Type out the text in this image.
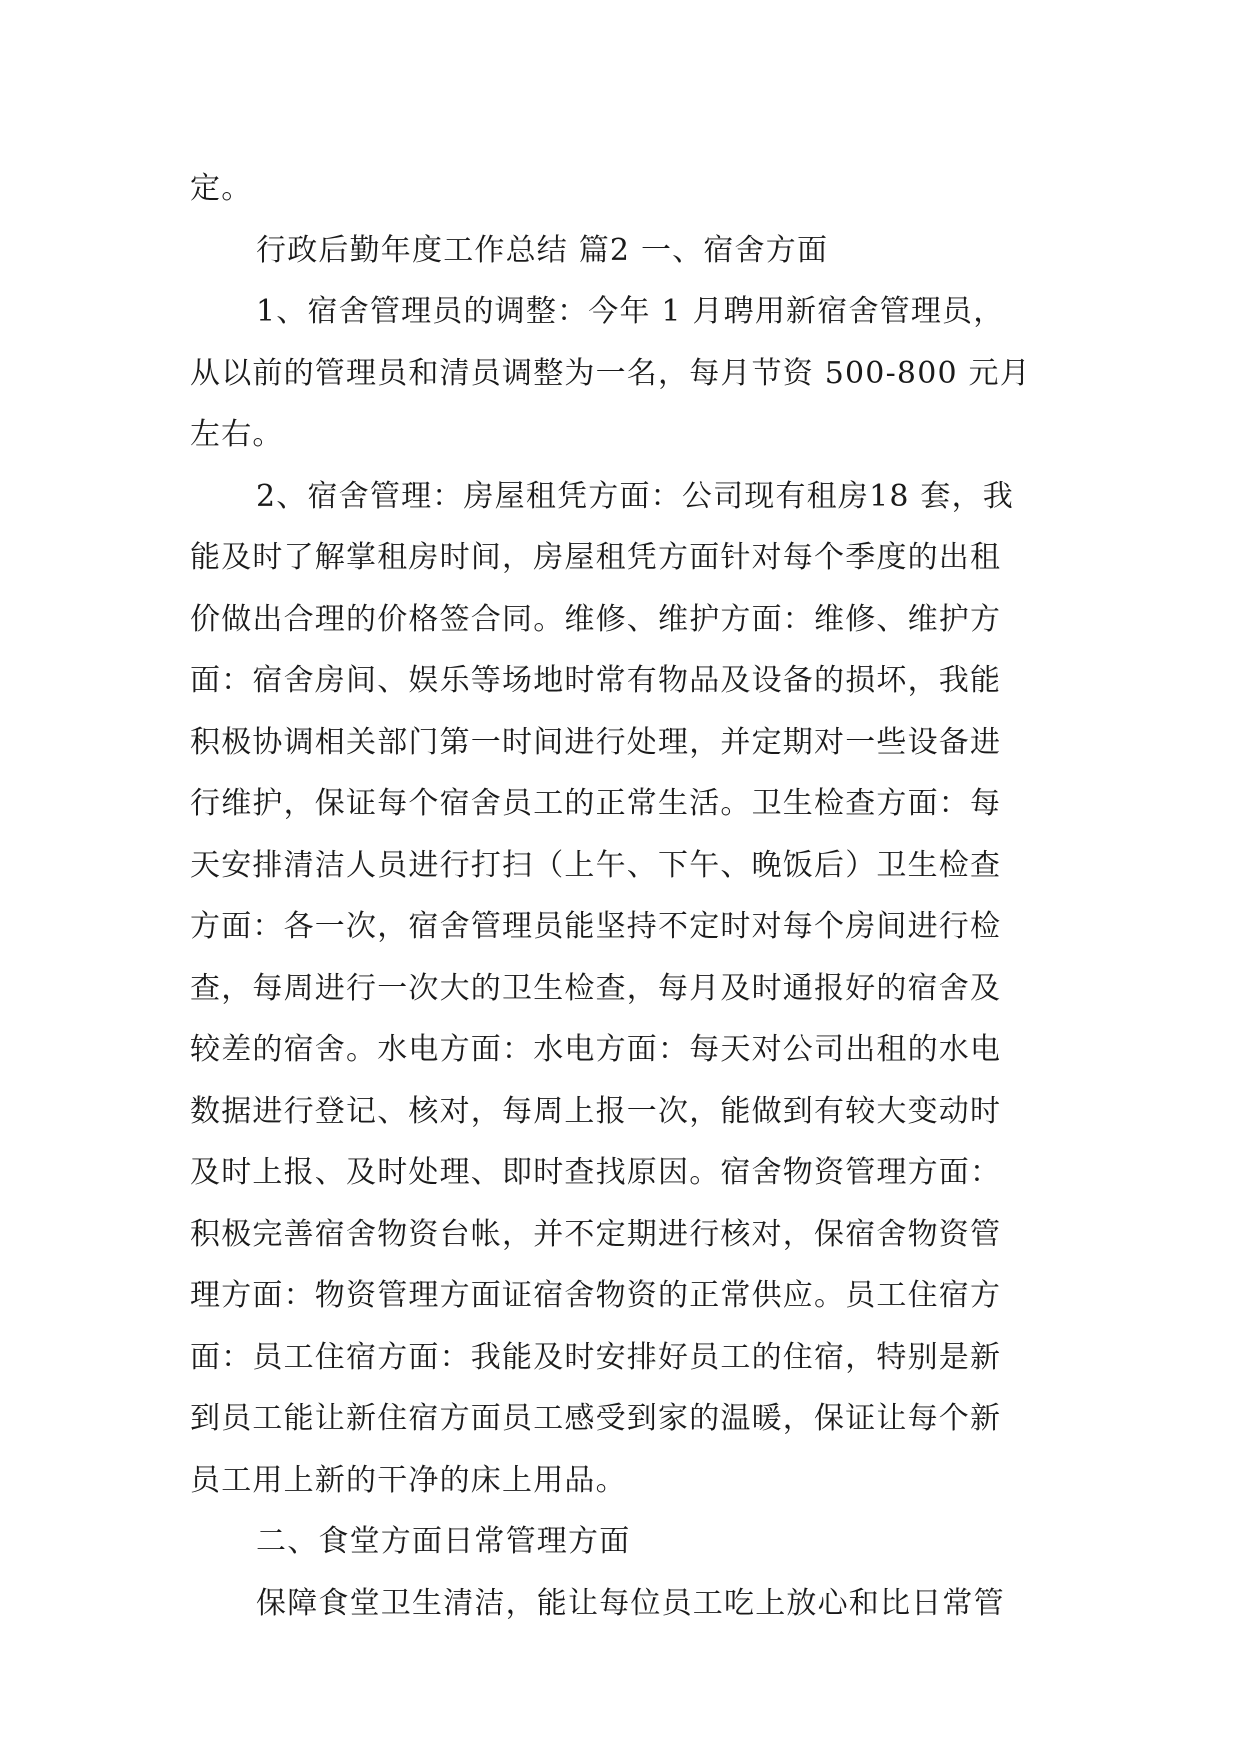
定。
行政后勤年度工作总结 篇2 一、宿舍方面
1、宿舍管理员的调整：今年 1 月聘用新宿舍管理员，
从以前的管理员和清员调整为一名，每月节资 500-800 元月
左右。
2、宿舍管理：房屋租凭方面：公司现有租房18 套，我
能及时了解掌租房时间，房屋租凭方面针对每个季度的出租
价做出合理的价格签合同。维修、维护方面：维修、维护方
面：宿舍房间、娱乐等场地时常有物品及设备的损坏，我能
积极协调相关部门第一时间进行处理，并定期对一些设备进
行维护，保证每个宿舍员工的正常生活。卫生检查方面：每
天安排清洁人员进行打扫（上午、下午、晚饭后）卫生检查
方面：各一次，宿舍管理员能坚持不定时对每个房间进行检
查，每周进行一次大的卫生检查，每月及时通报好的宿舍及
较差的宿舍。水电方面：水电方面：每天对公司出租的水电
数据进行登记、核对，每周上报一次，能做到有较大变动时
及时上报、及时处理、即时查找原因。宿舍物资管理方面：
积极完善宿舍物资台帐，并不定期进行核对，保宿舍物资管
理方面：物资管理方面证宿舍物资的正常供应。员工住宿方
面：员工住宿方面：我能及时安排好员工的住宿，特别是新
到员工能让新住宿方面员工感受到家的温暖，保证让每个新
员工用上新的干净的床上用品。
二、食堂方面日常管理方面
保障食堂卫生清洁，能让每位员工吃上放心和比日常管
